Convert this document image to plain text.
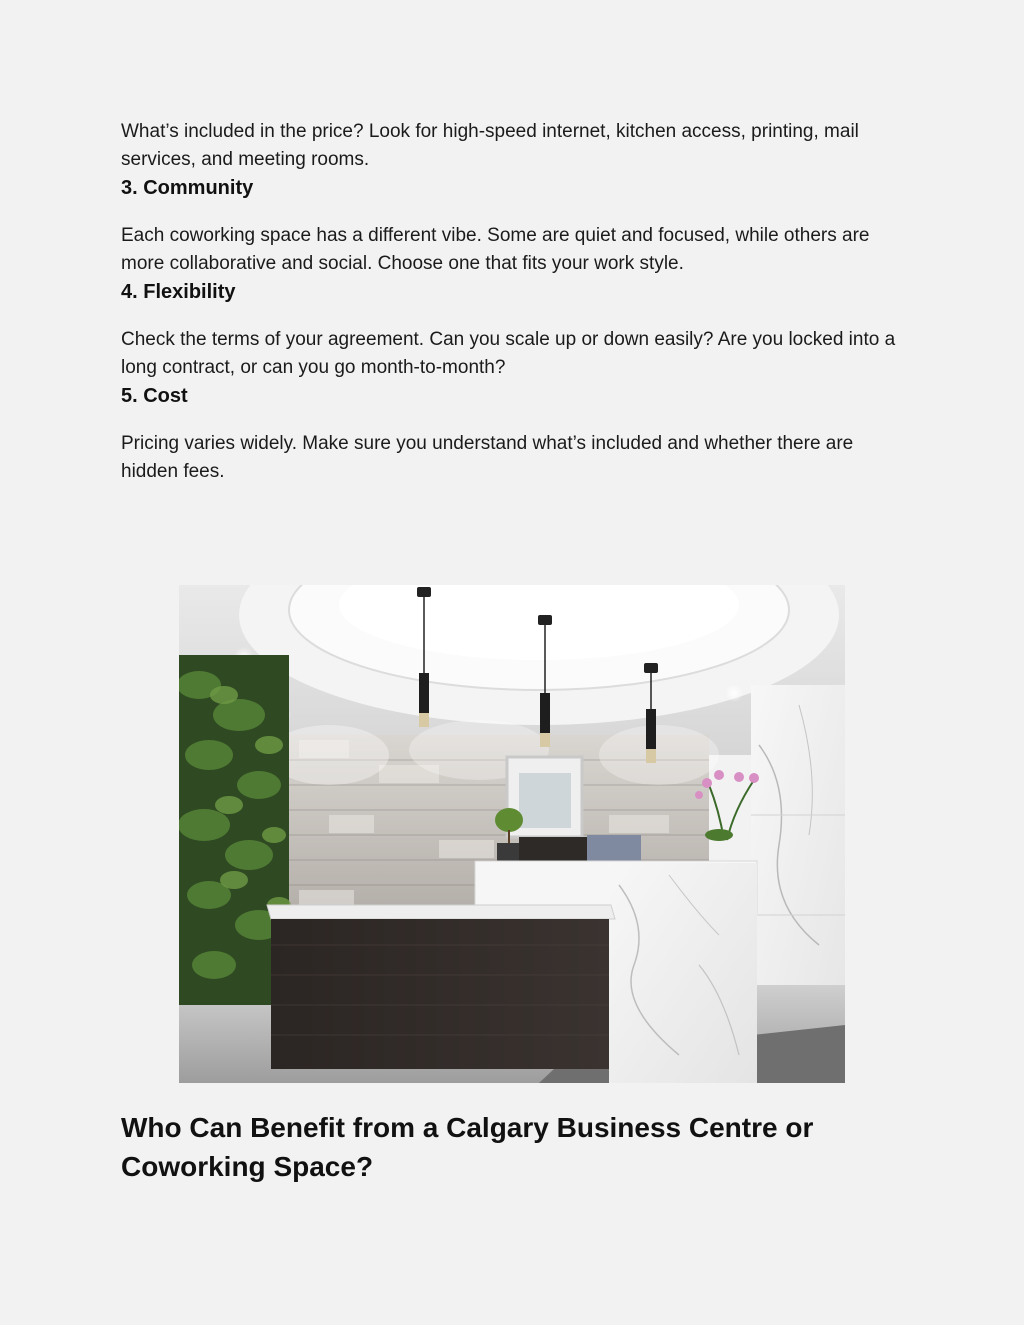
What’s included in the price? Look for high-speed internet, kitchen access, printing, mail services, and meeting rooms.

3. Community

Each coworking space has a different vibe. Some are quiet and focused, while others are more collaborative and social. Choose one that fits your work style.

4. Flexibility

Check the terms of your agreement. Can you scale up or down easily? Are you locked into a long contract, or can you go month-to-month?

5. Cost

Pricing varies widely. Make sure you understand what’s included and whether there are hidden fees.

Who Can Benefit from a Calgary Business Centre or Coworking Space?
